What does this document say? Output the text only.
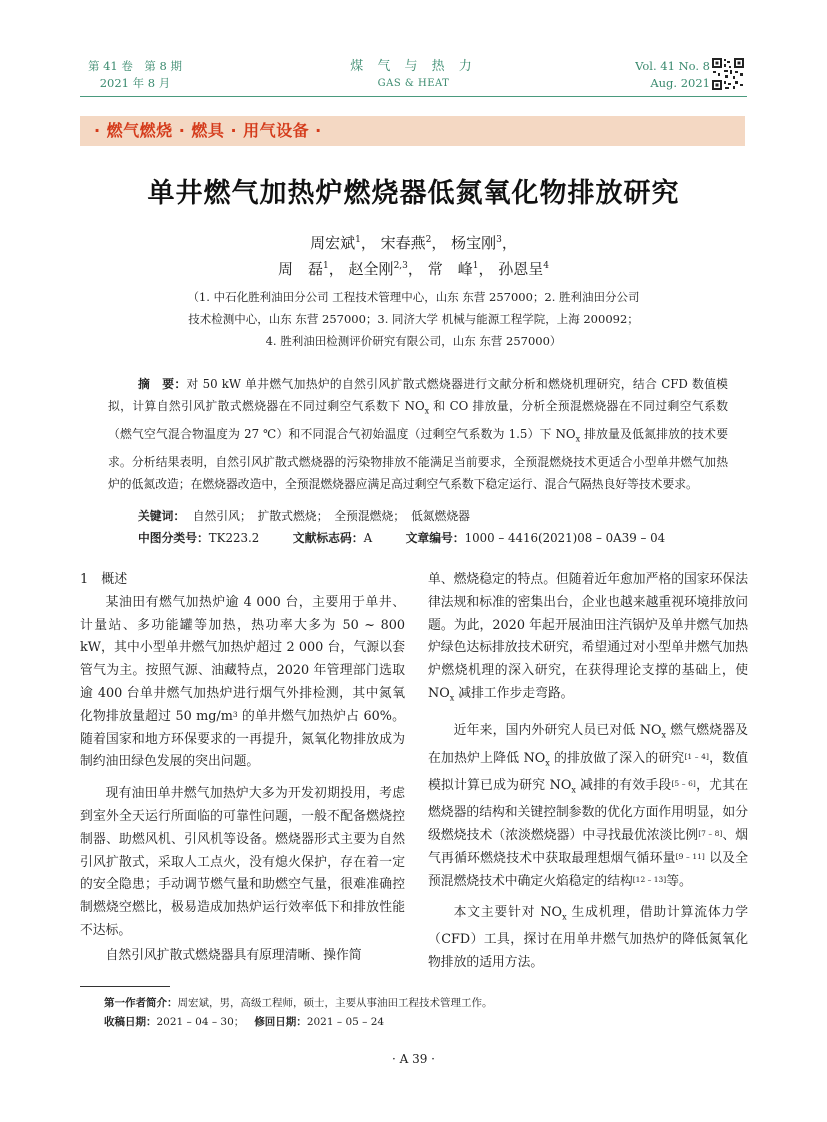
第 41 卷　第 8 期
2021 年 8 月
煤 气 与 热 力
GAS & HEAT
Vol. 41 No. 8
Aug. 2021
· 燃气燃烧 · 燃具 · 用气设备 ·
单井燃气加热炉燃烧器低氮氧化物排放研究
周宏斌$^1$， 宋春燕$^2$， 杨宝刚$^3$，
周　磊$^1$， 赵全刚$^{2,3}$， 常　峰$^1$， 孙恩呈$^4$
（1. 中石化胜利油田分公司 工程技术管理中心，山东 东营 257000；2. 胜利油田分公司
技术检测中心，山东 东营 257000；3. 同济大学 机械与能源工程学院，上海 200092；
4. 胜利油田检测评价研究有限公司，山东 东营 257000）
摘　要：对 50 kW 单井燃气加热炉的自然引风扩散式燃烧器进行文献分析和燃烧机理研究，结合 CFD 数值模拟，计算自然引风扩散式燃烧器在不同过剩空气系数下 $NO_x$ 和 CO 排放量，分析全预混燃烧器在不同过剩空气系数（燃气空气混合物温度为 27 ℃）和不同混合气初始温度（过剩空气系数为 1.5）下 $NO_x$ 排放量及低氮排放的技术要求。分析结果表明，自然引风扩散式燃烧器的污染物排放不能满足当前要求，全预混燃烧技术更适合小型单井燃气加热炉的低氮改造；在燃烧器改造中，全预混燃烧器应满足高过剩空气系数下稳定运行、混合气隔热良好等技术要求。
关键词： 自然引风；　扩散式燃烧；　全预混燃烧；　低氮燃烧器
中图分类号：TK223.2	文献标志码：A	文章编号：1000 – 4416(2021)08 – 0A39 – 04
1　概述

某油田有燃气加热炉逾 4 000 台，主要用于单井、计量站、多功能罐等加热，热功率大多为 50 ~ 800 kW，其中小型单井燃气加热炉超过 2 000 台，气源以套管气为主。按照气源、油藏特点，2020 年管理部门选取逾 400 台单井燃气加热炉进行烟气外排检测，其中氮氧化物排放量超过 50 $mg/m^3$ 的单井燃气加热炉占 60%。随着国家和地方环保要求的一再提升，氮氧化物排放成为制约油田绿色发展的突出问题。

现有油田单井燃气加热炉大多为开发初期投用，考虑到室外全天运行所面临的可靠性问题，一般不配备燃烧控制器、助燃风机、引风机等设备。燃烧器形式主要为自然引风扩散式，采取人工点火，没有熄火保护，存在着一定的安全隐患；手动调节燃气量和助燃空气量，很难准确控制燃烧空燃比，极易造成加热炉运行效率低下和排放性能不达标。

自然引风扩散式燃烧器具有原理清晰、操作简

单、燃烧稳定的特点。但随着近年愈加严格的国家环保法律法规和标准的密集出台，企业也越来越重视环境排放问题。为此，2020 年起开展油田注汽锅炉及单井燃气加热炉绿色达标排放技术研究，希望通过对小型单井燃气加热炉燃烧机理的深入研究，在获得理论支撑的基础上，使 $NO_x$ 减排工作步走弯路。

近年来，国内外研究人员已对低 $NO_x$ 燃气燃烧器及在加热炉上降低 $NO_x$ 的排放做了深入的研究[1 – 4]，数值模拟计算已成为研究 $NO_x$ 减排的有效手段[5 – 6]，尤其在燃烧器的结构和关键控制参数的优化方面作用明显，如分级燃烧技术（浓淡燃烧器）中寻找最优浓淡比例[7 – 8]、烟气再循环燃烧技术中获取最理想烟气循环量[9 – 11] 以及全预混燃烧技术中确定火焰稳定的结构[12 – 13]等。

本文主要针对 $NO_x$ 生成机理，借助计算流体力学（CFD）工具，探讨在用单井燃气加热炉的降低氮氧化物排放的适用方法。

第一作者简介：周宏斌，男，高级工程师，硕士，主要从事油田工程技术管理工作。
收稿日期：2021 – 04 – 30； 修回日期：2021 – 05 – 24
· A 39 ·
